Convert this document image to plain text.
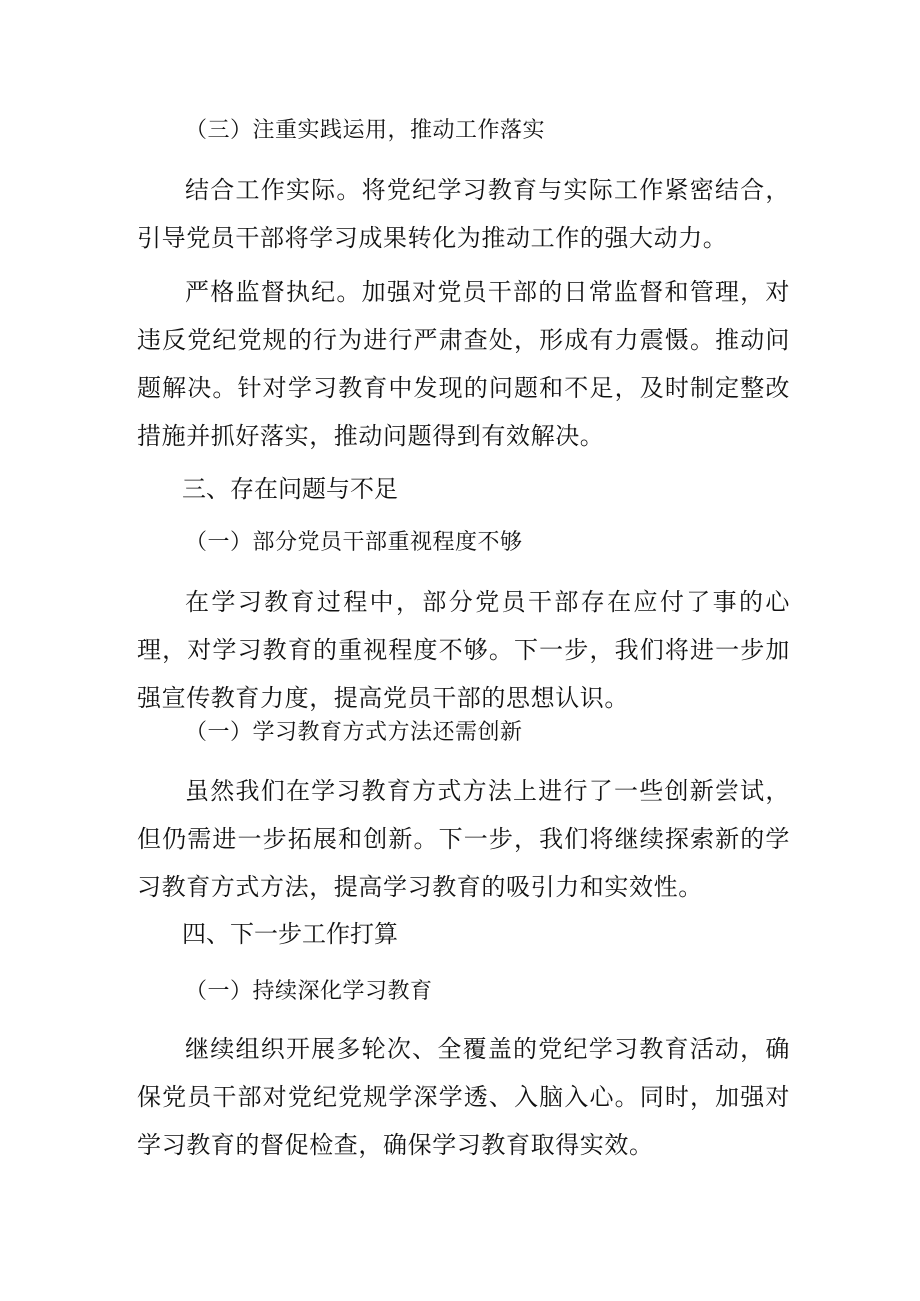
（三）注重实践运用，推动工作落实

结合工作实际。将党纪学习教育与实际工作紧密结合，引导党员干部将学习成果转化为推动工作的强大动力。

严格监督执纪。加强对党员干部的日常监督和管理，对违反党纪党规的行为进行严肃查处，形成有力震慑。推动问题解决。针对学习教育中发现的问题和不足，及时制定整改措施并抓好落实，推动问题得到有效解决。

三、存在问题与不足

（一）部分党员干部重视程度不够

在学习教育过程中，部分党员干部存在应付了事的心理，对学习教育的重视程度不够。下一步，我们将进一步加强宣传教育力度，提高党员干部的思想认识。

（一）学习教育方式方法还需创新

虽然我们在学习教育方式方法上进行了一些创新尝试，但仍需进一步拓展和创新。下一步，我们将继续探索新的学习教育方式方法，提高学习教育的吸引力和实效性。

四、下一步工作打算

（一）持续深化学习教育

继续组织开展多轮次、全覆盖的党纪学习教育活动，确保党员干部对党纪党规学深学透、入脑入心。同时，加强对学习教育的督促检查，确保学习教育取得实效。
